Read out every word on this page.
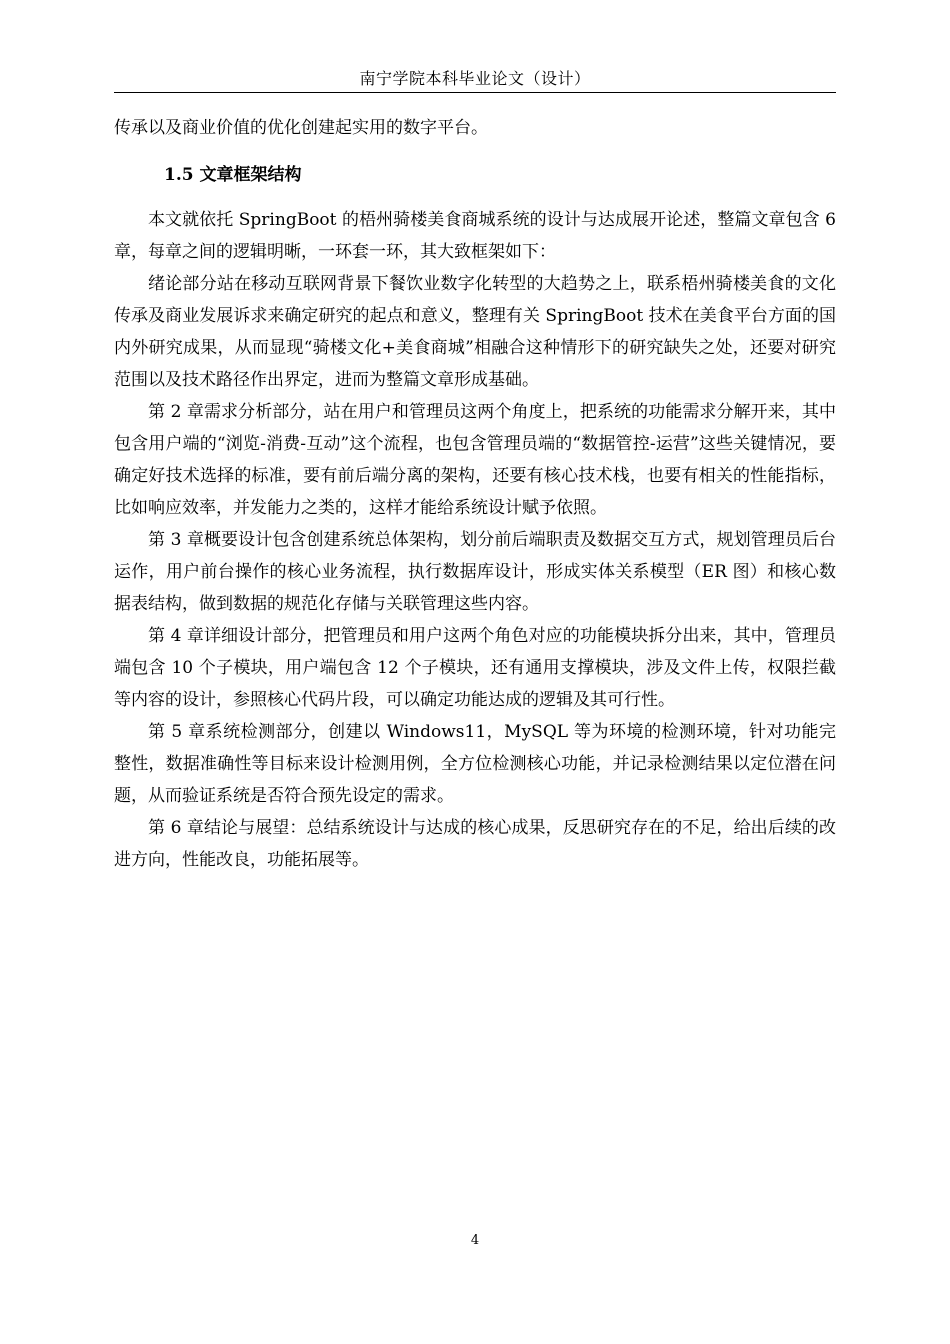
南宁学院本科毕业论文（设计）

传承以及商业价值的优化创建起实用的数字平台。

1.5 文章框架结构

本文就依托 SpringBoot 的梧州骑楼美食商城系统的设计与达成展开论述，整篇文章包含 6 章，每章之间的逻辑明晰，一环套一环，其大致框架如下：

绪论部分站在移动互联网背景下餐饮业数字化转型的大趋势之上，联系梧州骑楼美食的文化传承及商业发展诉求来确定研究的起点和意义，整理有关 SpringBoot 技术在美食平台方面的国内外研究成果，从而显现“骑楼文化+美食商城”相融合这种情形下的研究缺失之处，还要对研究范围以及技术路径作出界定，进而为整篇文章形成基础。

第 2 章需求分析部分，站在用户和管理员这两个角度上，把系统的功能需求分解开来，其中包含用户端的“浏览-消费-互动”这个流程，也包含管理员端的“数据管控-运营”这些关键情况，要确定好技术选择的标准，要有前后端分离的架构，还要有核心技术栈，也要有相关的性能指标，比如响应效率，并发能力之类的，这样才能给系统设计赋予依照。

第 3 章概要设计包含创建系统总体架构，划分前后端职责及数据交互方式，规划管理员后台运作，用户前台操作的核心业务流程，执行数据库设计，形成实体关系模型（ER 图）和核心数据表结构，做到数据的规范化存储与关联管理这些内容。

第 4 章详细设计部分，把管理员和用户这两个角色对应的功能模块拆分出来，其中，管理员端包含 10 个子模块，用户端包含 12 个子模块，还有通用支撑模块，涉及文件上传，权限拦截等内容的设计，参照核心代码片段，可以确定功能达成的逻辑及其可行性。

第 5 章系统检测部分，创建以 Windows11，MySQL 等为环境的检测环境，针对功能完整性，数据准确性等目标来设计检测用例，全方位检测核心功能，并记录检测结果以定位潜在问题，从而验证系统是否符合预先设定的需求。

第 6 章结论与展望：总结系统设计与达成的核心成果，反思研究存在的不足，给出后续的改进方向，性能改良，功能拓展等。

4
